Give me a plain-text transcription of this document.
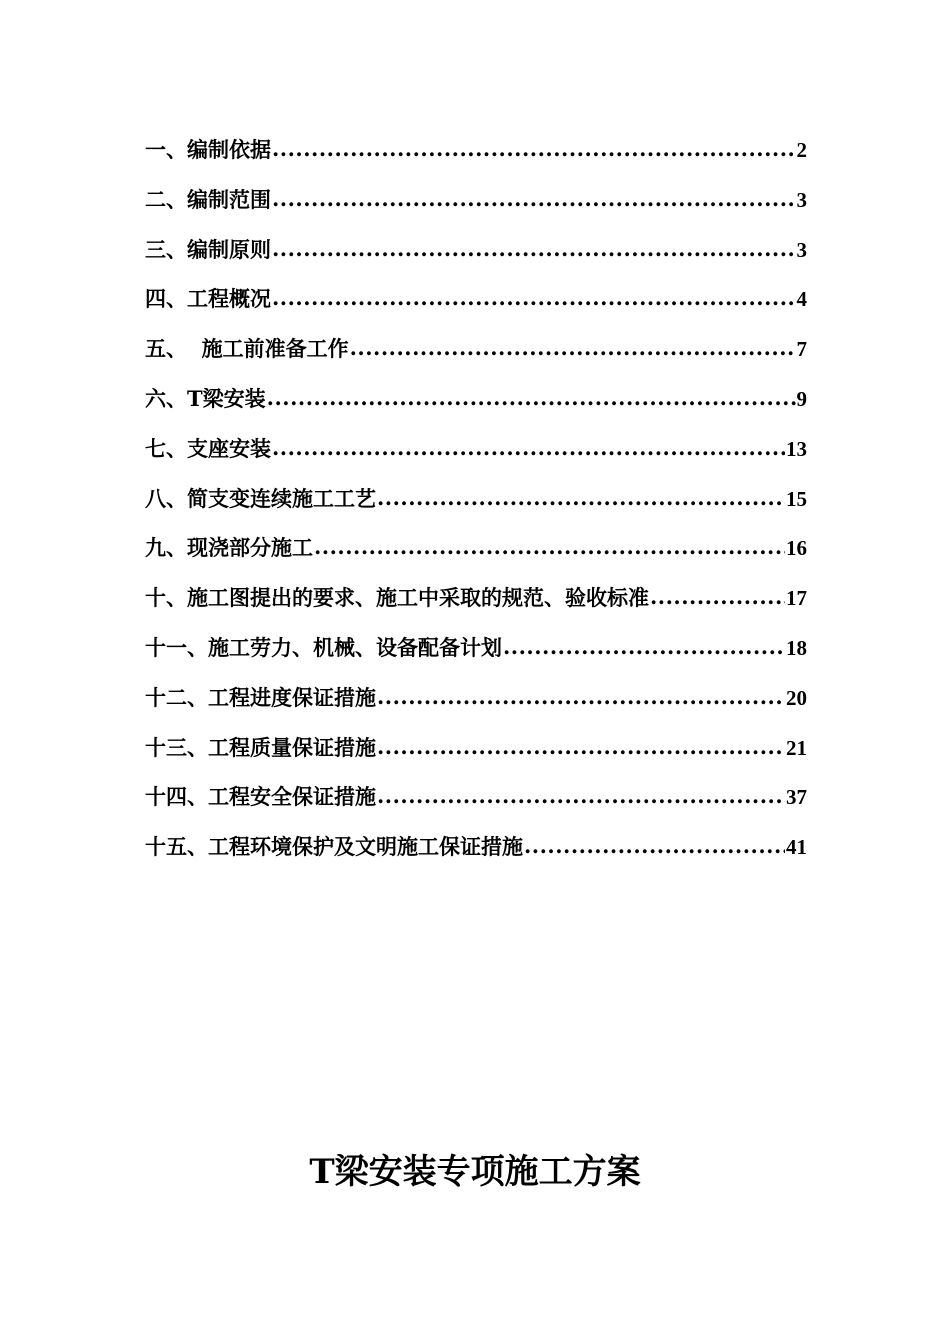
一、编制依据 .....	2
二、编制范围 .....	3
三、编制原则 .....	3
四、工程概况 .....	4
五、  施工前准备工作 .....	7
六、T梁安装 .....	9
七、支座安装 .....	13
八、简支变连续施工工艺 .....	15
九、现浇部分施工 .....	16
十、施工图提出的要求、施工中采取的规范、验收标准 .....	17
十一、施工劳力、机械、设备配备计划 .....	18
十二、工程进度保证措施 .....	20
十三、工程质量保证措施 .....	21
十四、工程安全保证措施 .....	37
十五、工程环境保护及文明施工保证措施 .....	41
T梁安装专项施工方案
